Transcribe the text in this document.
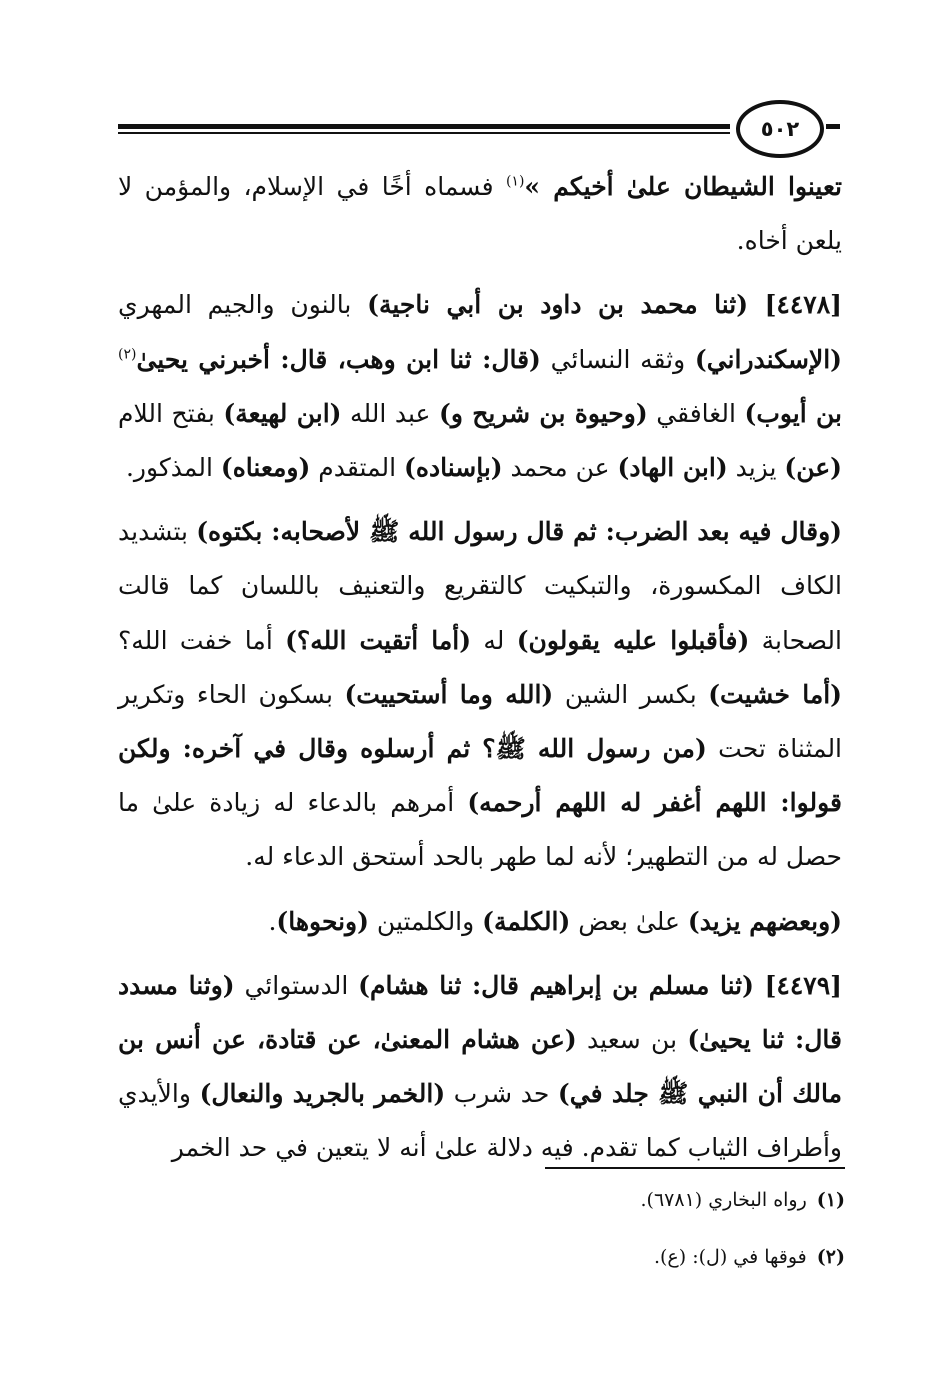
٥٠٢

تعينوا الشيطان علىٰ أخيكم »$^{(١)}$ فسماه أخًا في الإسلام، والمؤمن لا يلعن أخاه.

[٤٤٧٨] (ثنا محمد بن داود بن أبي ناجية) بالنون والجيم المهري (الإسكندراني) وثقه النسائي (قال: ثنا ابن وهب، قال: أخبرني يحيىٰ$^{(٢)}$ بن أيوب) الغافقي (وحيوة بن شريح و) عبد الله (ابن لهيعة) بفتح اللام (عن) يزيد (ابن الهاد) عن محمد (بإسناده) المتقدم (ومعناه) المذكور.

(وقال فيه بعد الضرب: ثم قال رسول الله ﷺ لأصحابه: بكتوه) بتشديد الكاف المكسورة، والتبكيت كالتقريع والتعنيف باللسان كما قالت الصحابة (فأقبلوا عليه يقولون) له (أما أتقيت الله؟) أما خفت الله؟ (أما خشيت) بكسر الشين (الله وما أستحييت) بسكون الحاء وتكرير المثناة تحت (من رسول الله ﷺ؟ ثم أرسلوه وقال في آخره: ولكن قولوا: اللهم أغفر له اللهم أرحمه) أمرهم بالدعاء له زيادة علىٰ ما حصل له من التطهير؛ لأنه لما طهر بالحد أستحق الدعاء له.

(وبعضهم يزيد) علىٰ بعض (الكلمة) والكلمتين (ونحوها).

[٤٤٧٩] (ثنا مسلم بن إبراهيم قال: ثنا هشام) الدستوائي (وثنا مسدد قال: ثنا يحيىٰ) بن سعيد (عن هشام المعنىٰ، عن قتادة، عن أنس بن مالك أن النبي ﷺ جلد في) حد شرب (الخمر بالجريد والنعال) والأيدي وأطراف الثياب كما تقدم. فيه دلالة علىٰ أنه لا يتعين في حد الخمر

(١)رواه البخاري (٦٧٨١).
(٢)فوقها في (ل): (ع).
